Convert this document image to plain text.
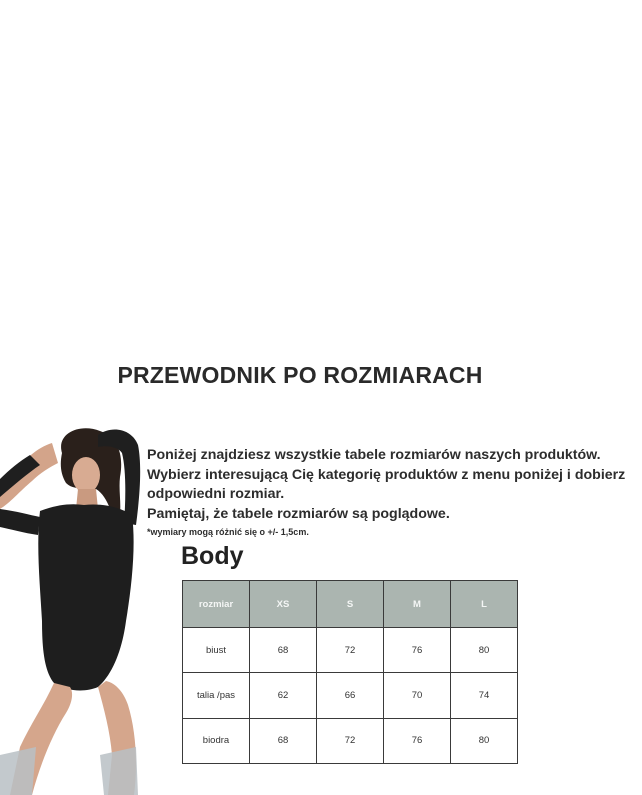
PRZEWODNIK PO ROZMIARACH

Poniżej znajdziesz wszystkie tabele rozmiarów naszych produktów.

Wybierz interesującą Cię kategorię produktów z menu poniżej i dobierz

odpowiedni rozmiar.

Pamiętaj, że tabele rozmiarów są poglądowe.

*wymiary mogą różnić się o +/- 1,5cm.

Body
rozmiar	XS	S	M	L
biust	68	72	76	80
talia /pas	62	66	70	74
biodra	68	72	76	80
